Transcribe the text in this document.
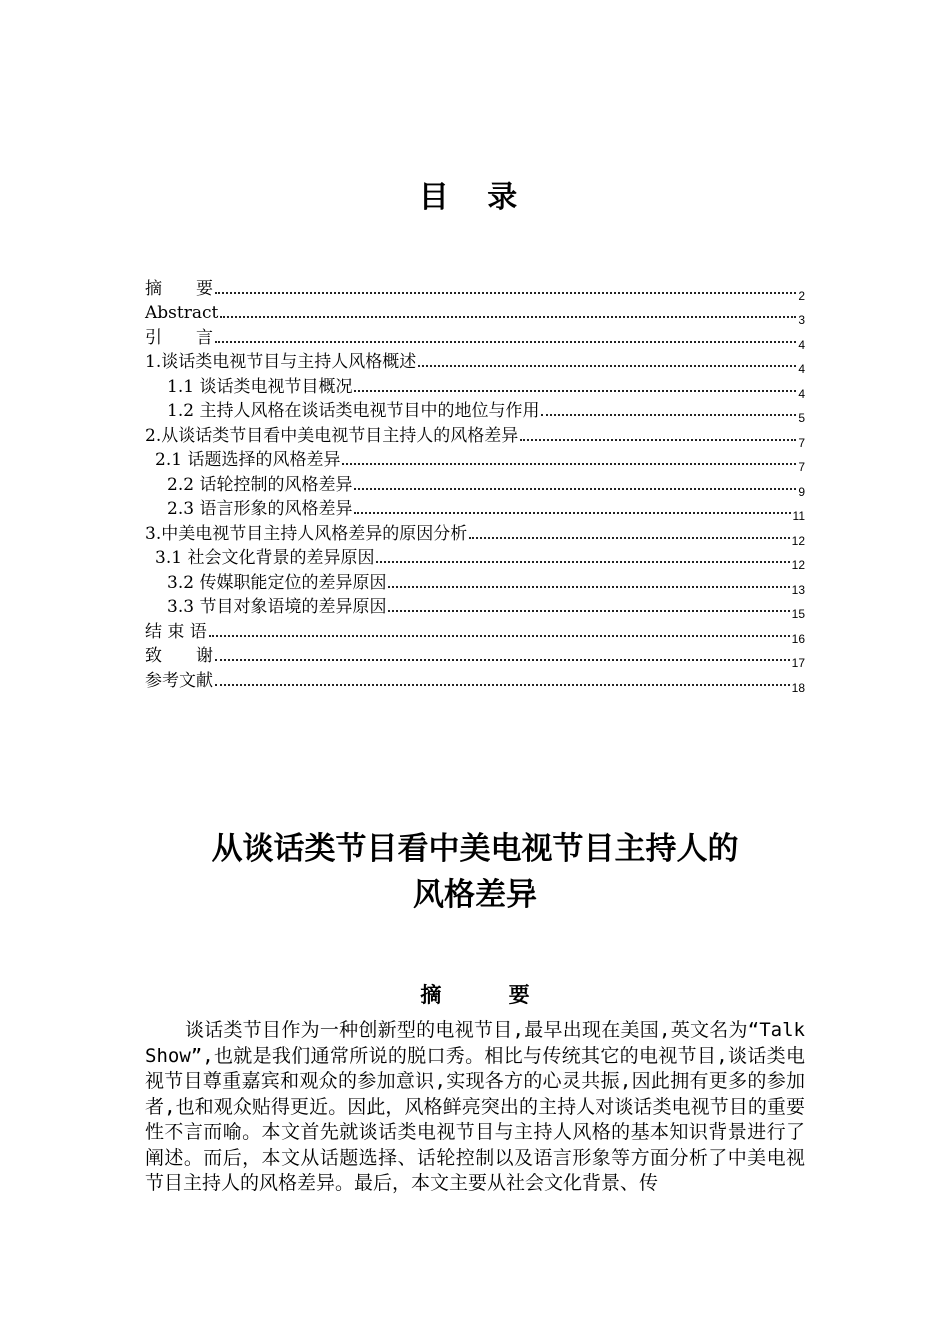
目 录
摘　　要	2
Abstract	3
引　　言	4
1.谈话类电视节目与主持人风格概述	4
1.1 谈话类电视节目概况	4
1.2 主持人风格在谈话类电视节目中的地位与作用	5
2.从谈话类节目看中美电视节目主持人的风格差异	7
2.1 话题选择的风格差异	7
2.2 话轮控制的风格差异	9
2.3 语言形象的风格差异	11
3.中美电视节目主持人风格差异的原因分析	12
3.1 社会文化背景的差异原因	12
3.2 传媒职能定位的差异原因	13
3.3 节目对象语境的差异原因	15
结 束 语	16
致　　谢	17
参考文献	18
从谈话类节目看中美电视节目主持人的
风格差异
摘 要
谈话类节目作为一种创新型的电视节目,最早出现在美国,英文名为“Talk Show”,也就是我们通常所说的脱口秀。相比与传统其它的电视节目,谈话类电视节目尊重嘉宾和观众的参加意识,实现各方的心灵共振,因此拥有更多的参加者,也和观众贴得更近。因此，风格鲜亮突出的主持人对谈话类电视节目的重要性不言而喻。本文首先就谈话类电视节目与主持人风格的基本知识背景进行了阐述。而后，本文从话题选择、话轮控制以及语言形象等方面分析了中美电视节目主持人的风格差异。最后，本文主要从社会文化背景、传
